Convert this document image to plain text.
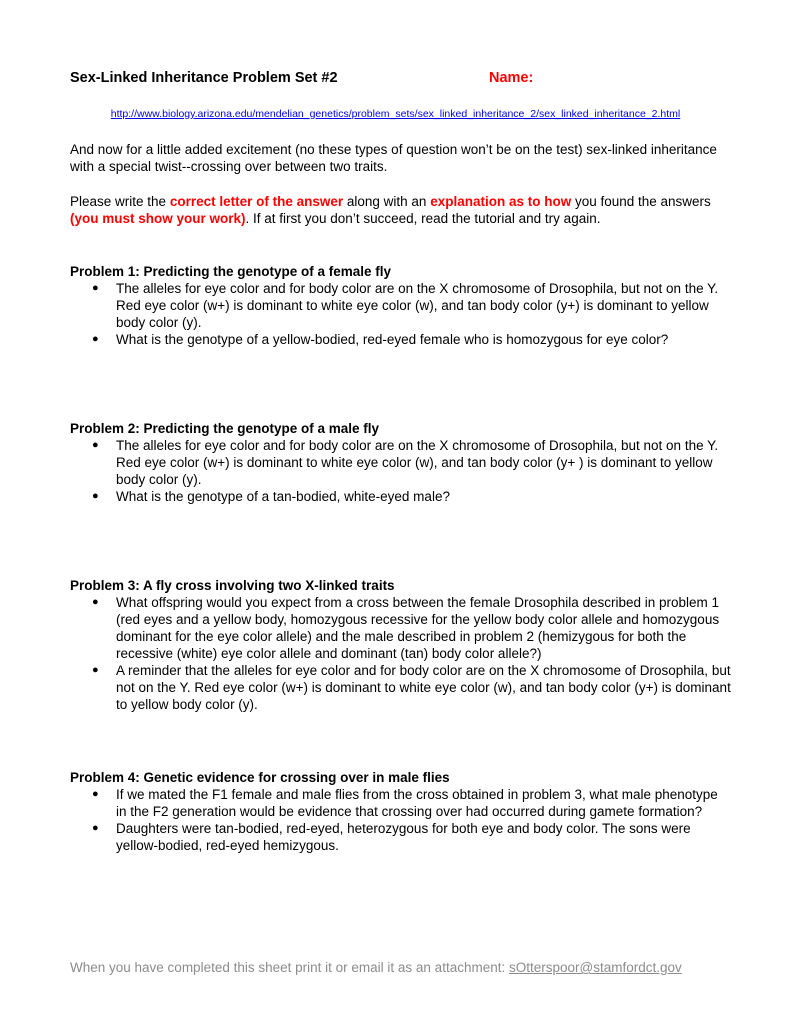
Sex-Linked Inheritance Problem Set #2	Name:
http://www.biology.arizona.edu/mendelian_genetics/problem_sets/sex_linked_inheritance_2/sex_linked_inheritance_2.html

And now for a little added excitement (no these types of question won’t be on the test) sex-linked inheritance with a special twist--crossing over between two traits.

Please write the correct letter of the answer along with an explanation as to how you found the answers (you must show your work). If at first you don’t succeed, read the tutorial and try again.

Problem 1: Predicting the genotype of a female fly

● The alleles for eye color and for body color are on the X chromosome of Drosophila, but not on the Y. Red eye color (w+) is dominant to white eye color (w), and tan body color (y+) is dominant to yellow body color (y).
● What is the genotype of a yellow-bodied, red-eyed female who is homozygous for eye color?

Problem 2: Predicting the genotype of a male fly

● The alleles for eye color and for body color are on the X chromosome of Drosophila, but not on the Y. Red eye color (w+) is dominant to white eye color (w), and tan body color (y+ ) is dominant to yellow body color (y).
● What is the genotype of a tan-bodied, white-eyed male?

Problem 3: A fly cross involving two X-linked traits

● What offspring would you expect from a cross between the female Drosophila described in problem 1 (red eyes and a yellow body, homozygous recessive for the yellow body color allele and homozygous dominant for the eye color allele) and the male described in problem 2 (hemizygous for both the recessive (white) eye color allele and dominant (tan) body color allele?)
● A reminder that the alleles for eye color and for body color are on the X chromosome of Drosophila, but not on the Y. Red eye color (w+) is dominant to white eye color (w), and tan body color (y+) is dominant to yellow body color (y).

Problem 4: Genetic evidence for crossing over in male flies

● If we mated the F1 female and male flies from the cross obtained in problem 3, what male phenotype in the F2 generation would be evidence that crossing over had occurred during gamete formation?
● Daughters were tan-bodied, red-eyed, heterozygous for both eye and body color. The sons were yellow-bodied, red-eyed hemizygous.
When you have completed this sheet print it or email it as an attachment: sOtterspoor@stamfordct.gov
